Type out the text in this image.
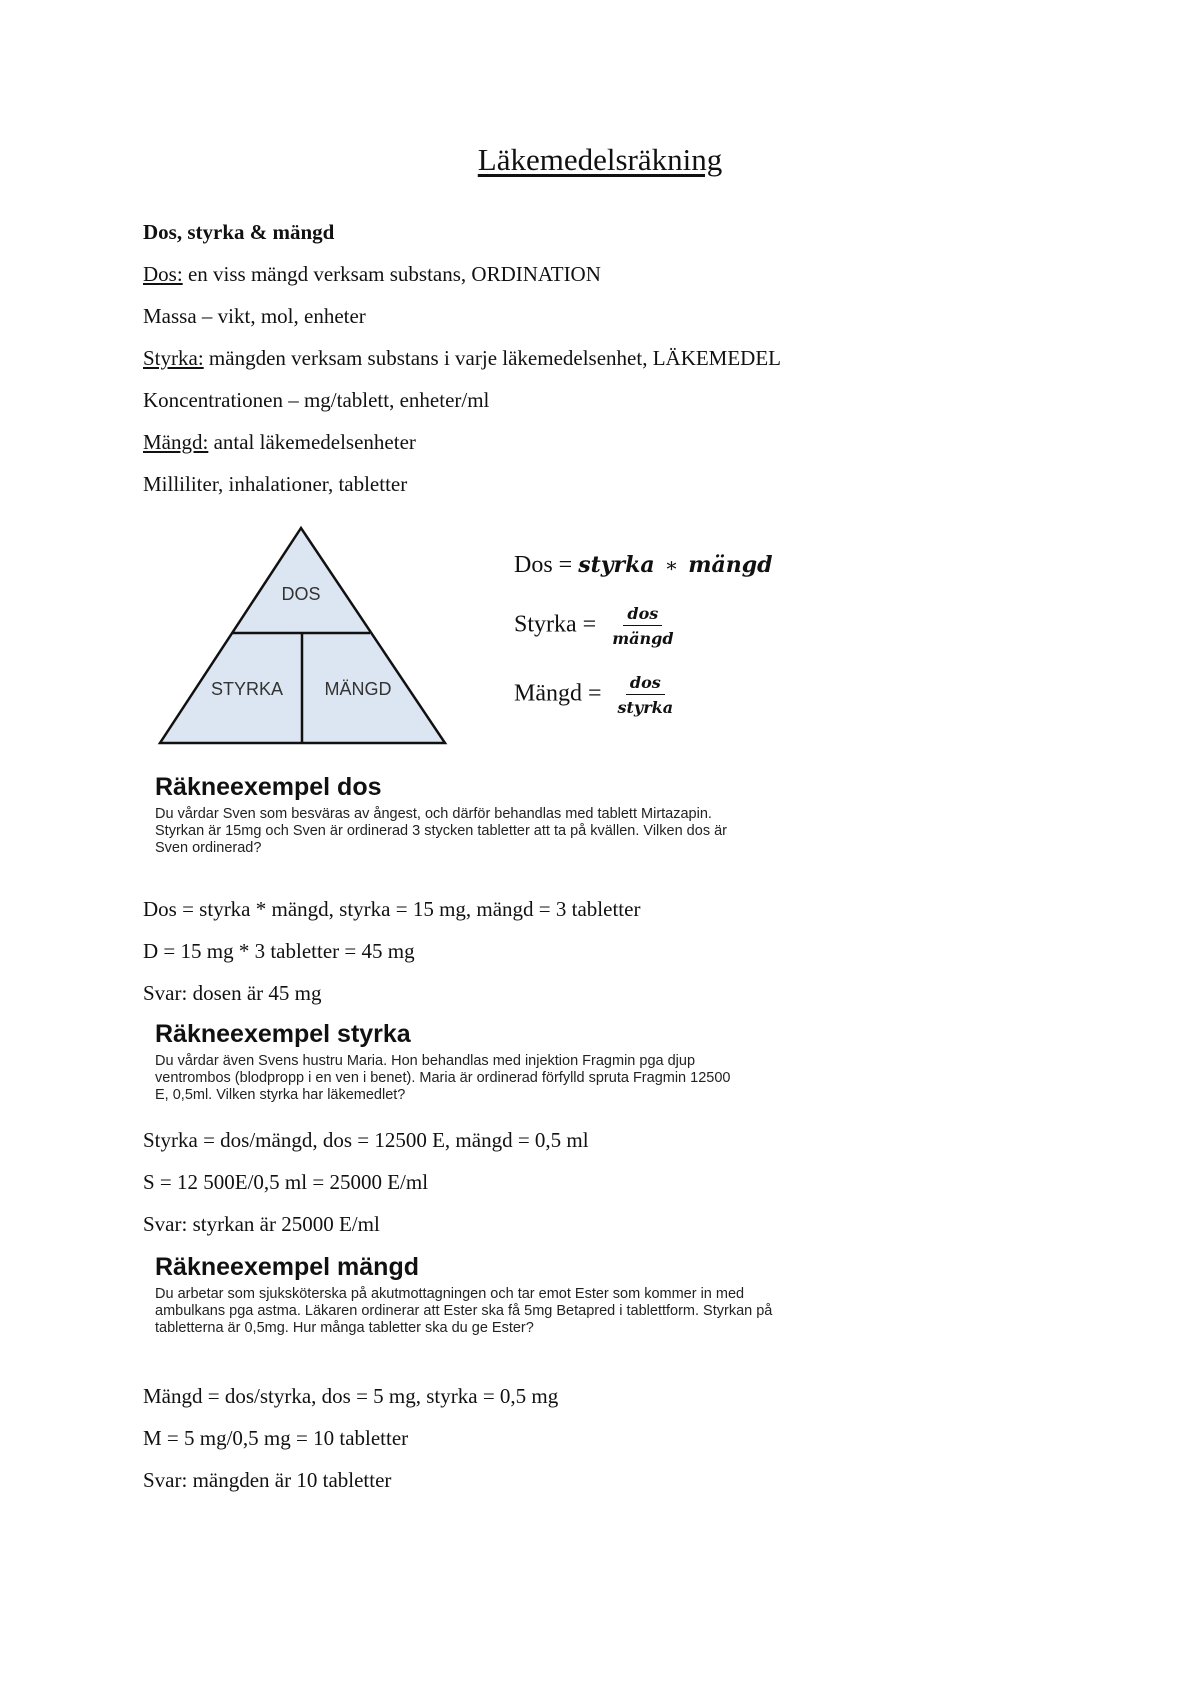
Läkemedelsräkning
Dos, styrka & mängd
Dos: en viss mängd verksam substans, ORDINATION
Massa – vikt, mol, enheter
Styrka: mängden verksam substans i varje läkemedelsenhet, LÄKEMEDEL
Koncentrationen – mg/tablett, enheter/ml
Mängd: antal läkemedelsenheter
Milliliter, inhalationer, tabletter
DOS
STYRKA MÄNGD
Dos = styrka ∗ mängd
Styrka = $\frac{\text{dos}}{\text{mängd}}$
Mängd = $\frac{\text{dos}}{\text{styrka}}$
Räkneexempel dos
Du vårdar Sven som besväras av ångest, och därför behandlas med tablett Mirtazapin. Styrkan är 15mg och Sven är ordinerad 3 stycken tabletter att ta på kvällen. Vilken dos är Sven ordinerad?
Dos = styrka * mängd, styrka = 15 mg, mängd = 3 tabletter
D = 15 mg * 3 tabletter = 45 mg
Svar: dosen är 45 mg
Räkneexempel styrka
Du vårdar även Svens hustru Maria. Hon behandlas med injektion Fragmin pga djup ventrombos (blodpropp i en ven i benet). Maria är ordinerad förfylld spruta Fragmin 12500 E, 0,5ml. Vilken styrka har läkemedlet?
Styrka = dos/mängd, dos = 12500 E, mängd = 0,5 ml
S = 12 500E/0,5 ml = 25000 E/ml
Svar: styrkan är 25000 E/ml
Räkneexempel mängd
Du arbetar som sjuksköterska på akutmottagningen och tar emot Ester som kommer in med ambulkans pga astma. Läkaren ordinerar att Ester ska få 5mg Betapred i tablettform. Styrkan på tabletterna är 0,5mg. Hur många tabletter ska du ge Ester?
Mängd = dos/styrka, dos = 5 mg, styrka = 0,5 mg
M = 5 mg/0,5 mg = 10 tabletter
Svar: mängden är 10 tabletter
